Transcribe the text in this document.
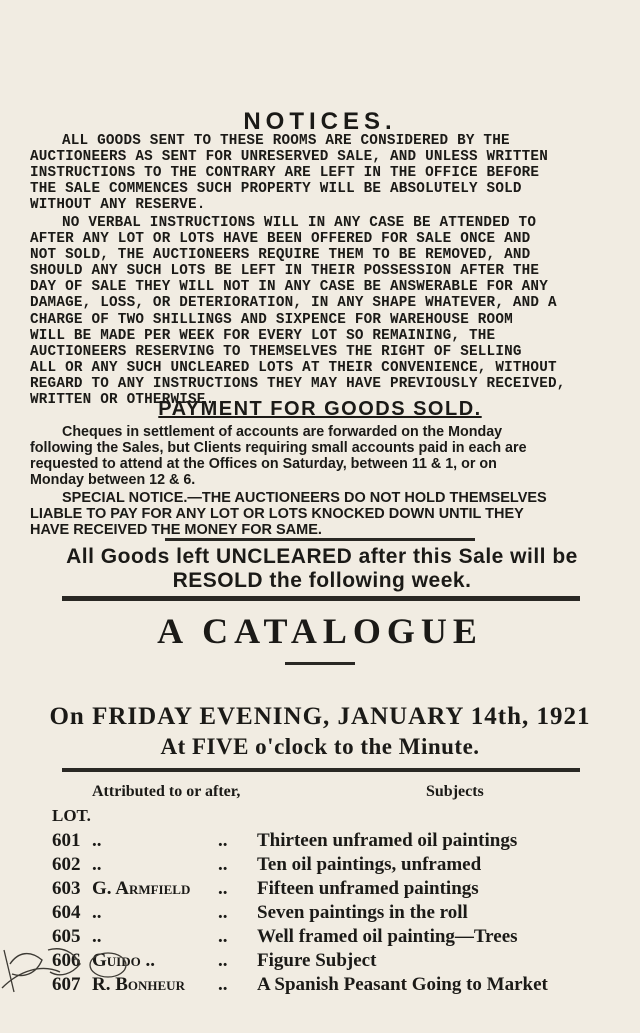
NOTICES.
ALL GOODS SENT TO THESE ROOMS ARE CONSIDERED BY THE
AUCTIONEERS AS SENT FOR UNRESERVED SALE, AND UNLESS WRITTEN
INSTRUCTIONS TO THE CONTRARY ARE LEFT IN THE OFFICE BEFORE
THE SALE COMMENCES SUCH PROPERTY WILL BE ABSOLUTELY SOLD
WITHOUT ANY RESERVE.
NO VERBAL INSTRUCTIONS WILL IN ANY CASE BE ATTENDED TO
AFTER ANY LOT OR LOTS HAVE BEEN OFFERED FOR SALE ONCE AND
NOT SOLD, THE AUCTIONEERS REQUIRE THEM TO BE REMOVED, AND
SHOULD ANY SUCH LOTS BE LEFT IN THEIR POSSESSION AFTER THE
DAY OF SALE THEY WILL NOT IN ANY CASE BE ANSWERABLE FOR ANY
DAMAGE, LOSS, OR DETERIORATION, IN ANY SHAPE WHATEVER, AND A
CHARGE OF TWO SHILLINGS AND SIXPENCE FOR WAREHOUSE ROOM
WILL BE MADE PER WEEK FOR EVERY LOT SO REMAINING, THE
AUCTIONEERS RESERVING TO THEMSELVES THE RIGHT OF SELLING
ALL OR ANY SUCH UNCLEARED LOTS AT THEIR CONVENIENCE, WITHOUT
REGARD TO ANY INSTRUCTIONS THEY MAY HAVE PREVIOUSLY RECEIVED,
WRITTEN OR OTHERWISE.
PAYMENT FOR GOODS SOLD.
Cheques in settlement of accounts are forwarded on the Monday
following the Sales, but Clients requiring small accounts paid in each are
requested to attend at the Offices on Saturday, between 11 & 1, or on
Monday between 12 & 6.
SPECIAL NOTICE.—THE AUCTIONEERS DO NOT HOLD THEMSELVES
LIABLE TO PAY FOR ANY LOT OR LOTS KNOCKED DOWN UNTIL THEY
HAVE RECEIVED THE MONEY FOR SAME.
All Goods left UNCLEARED after this Sale will be
RESOLD the following week.
A CATALOGUE
On FRIDAY EVENING, JANUARY 14th, 1921
At FIVE o'clock to the Minute.
Attributed to or after,	Subjects
LOT.
601 ..	.. Thirteen unframed oil paintings
602 ..	.. Ten oil paintings, unframed
603 G. Armfield .. Fifteen unframed paintings
604 ..	.. Seven paintings in the roll
605 ..	.. Well framed oil painting—Trees
606 Guido ..	.. Figure Subject
607 R. Bonheur .. A Spanish Peasant Going to Market
